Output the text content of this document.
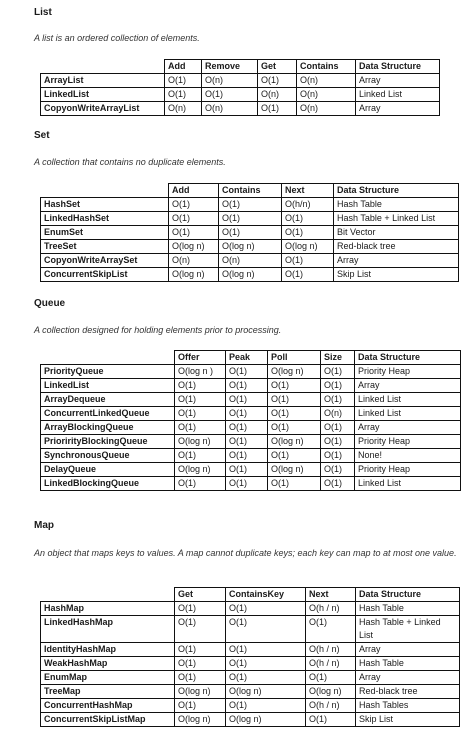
List
A list is an ordered collection of elements.
	Add	Remove	Get	Contains	Data Structure
ArrayList	O(1)	O(n)	O(1)	O(n)	Array
LinkedList	O(1)	O(1)	O(n)	O(n)	Linked List
CopyonWriteArrayList	O(n)	O(n)	O(1)	O(n)	Array
Set
A collection that contains no duplicate elements.
	Add	Contains	Next	Data Structure
HashSet	O(1)	O(1)	O(h/n)	Hash Table
LinkedHashSet	O(1)	O(1)	O(1)	Hash Table + Linked List
EnumSet	O(1)	O(1)	O(1)	Bit Vector
TreeSet	O(log n)	O(log n)	O(log n)	Red-black tree
CopyonWriteArraySet	O(n)	O(n)	O(1)	Array
ConcurrentSkipList	O(log n)	O(log n)	O(1)	Skip List
Queue
A collection designed for holding elements prior to processing.
	Offer	Peak	Poll	Size	Data Structure
PriorityQueue	O(log n )	O(1)	O(log n)	O(1)	Priority Heap
LinkedList	O(1)	O(1)	O(1)	O(1)	Array
ArrayDequeue	O(1)	O(1)	O(1)	O(1)	Linked List
ConcurrentLinkedQueue	O(1)	O(1)	O(1)	O(n)	Linked List
ArrayBlockingQueue	O(1)	O(1)	O(1)	O(1)	Array
PriorirityBlockingQueue	O(log n)	O(1)	O(log n)	O(1)	Priority Heap
SynchronousQueue	O(1)	O(1)	O(1)	O(1)	None!
DelayQueue	O(log n)	O(1)	O(log n)	O(1)	Priority Heap
LinkedBlockingQueue	O(1)	O(1)	O(1)	O(1)	Linked List
Map
An object that maps keys to values. A map cannot duplicate keys; each key can map to at most one value.
	Get	ContainsKey	Next	Data Structure
HashMap	O(1)	O(1)	O(h / n)	Hash Table
LinkedHashMap	O(1)	O(1)	O(1)	Hash Table + Linked List
IdentityHashMap	O(1)	O(1)	O(h / n)	Array
WeakHashMap	O(1)	O(1)	O(h / n)	Hash Table
EnumMap	O(1)	O(1)	O(1)	Array
TreeMap	O(log n)	O(log n)	O(log n)	Red-black tree
ConcurrentHashMap	O(1)	O(1)	O(h / n)	Hash Tables
ConcurrentSkipListMap	O(log n)	O(log n)	O(1)	Skip List
